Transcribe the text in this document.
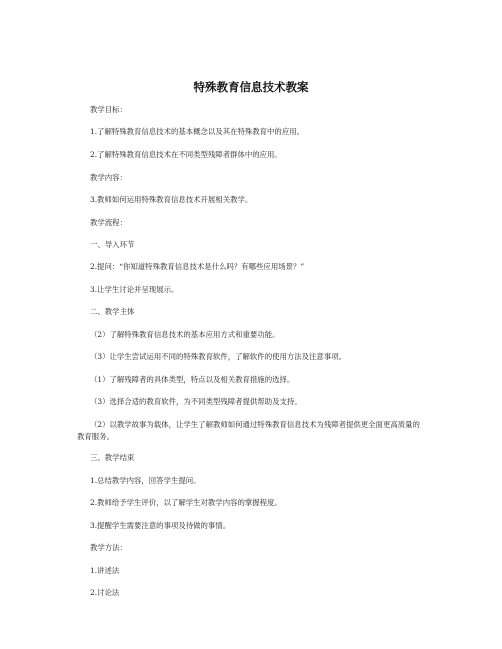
特殊教育信息技术教案
教学目标：
1.了解特殊教育信息技术的基本概念以及其在特殊教育中的应用。
2.了解特殊教育信息技术在不同类型残障者群体中的应用。
教学内容：
3.教师如何运用特殊教育信息技术开展相关教学。
教学流程：
一、导入环节
2.提问：“你知道特殊教育信息技术是什么吗？有哪些应用场景？”
3.让学生讨论并呈现展示。
二、教学主体
（2）了解特殊教育信息技术的基本应用方式和重要功能。
（3）让学生尝试运用不同的特殊教育软件，了解软件的使用方法及注意事项。
（1）了解残障者的具体类型，特点以及相关教育措施的选择。
（3）选择合适的教育软件，为不同类型残障者提供帮助及支持。
（2）以教学故事为载体，让学生了解教师如何通过特殊教育信息技术为残障者提供更全面更高质量的教育服务。
三、教学结束
1.总结教学内容，回答学生提问。
2.教师给予学生评价，以了解学生对教学内容的掌握程度。
3.提醒学生需要注意的事项及待做的事情。
教学方法：
1.讲述法
2.讨论法
